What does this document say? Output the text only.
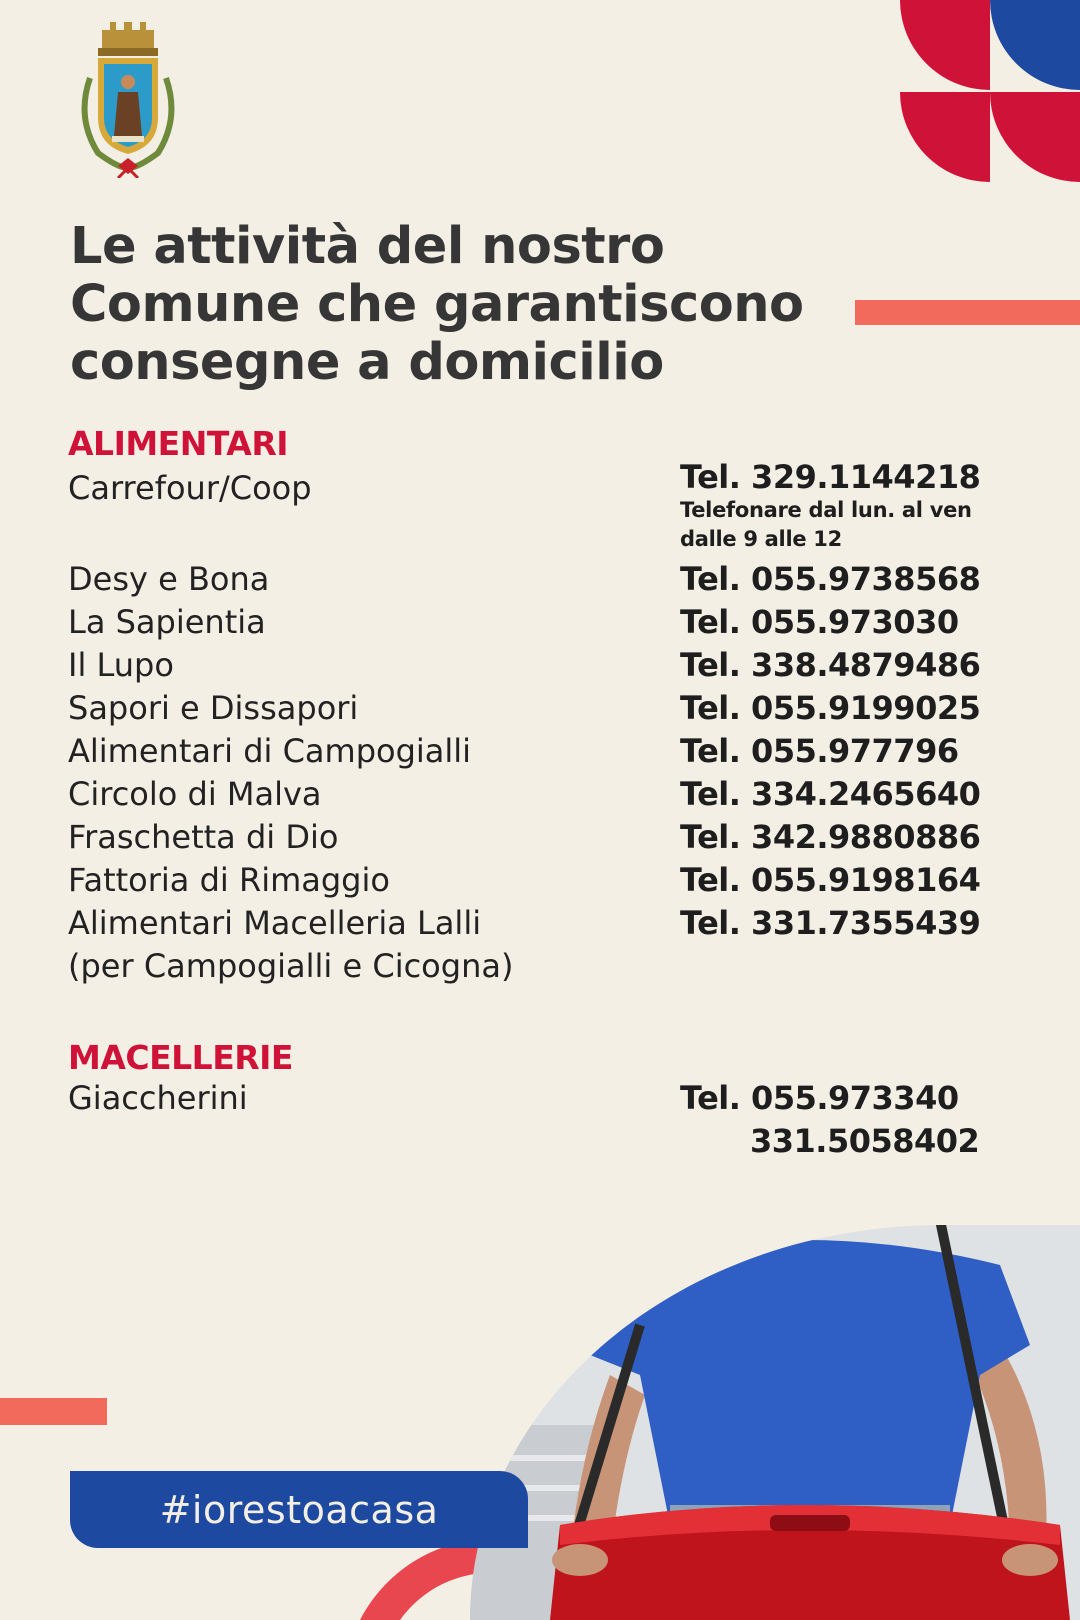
Le attività del nostro
Comune che garantiscono
consegne a domicilio
ALIMENTARI
Carrefour/Coop	Tel. 329.1144218
Telefonare dal lun. al ven
dalle 9 alle 12
Desy e Bona	Tel. 055.9738568
La Sapientia	Tel. 055.973030
Il Lupo	Tel. 338.4879486
Sapori e Dissapori	Tel. 055.9199025
Alimentari di Campogialli	Tel. 055.977796
Circolo di Malva	Tel. 334.2465640
Fraschetta di Dio	Tel. 342.9880886
Fattoria di Rimaggio	Tel. 055.9198164
Alimentari Macelleria Lalli	Tel. 331.7355439
(per Campogialli e Cicogna)
MACELLERIE
Giaccherini	Tel. 055.973340
331.5058402
#iorestoacasa
